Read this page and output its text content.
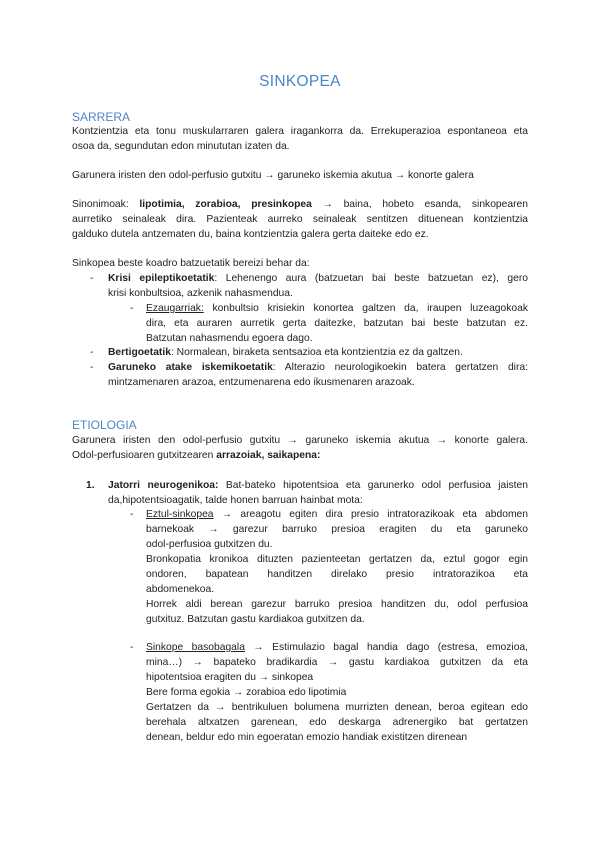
SINKOPEA
SARRERA
Kontzientzia eta tonu muskularraren galera iragankorra da. Errekuperazioa espontaneoa eta
osoa da, segundutan edon minututan izaten da.
Garunera iristen den odol-perfusio gutxitu → garuneko iskemia akutua → konorte galera
Sinonimoak: lipotimia, zorabioa, presinkopea → baina, hobeto esanda, sinkopearen
aurretiko seinaleak dira. Pazienteak aurreko seinaleak sentitzen dituenean kontzientzia
galduko dutela antzematen du, baina kontzientzia galera gerta daiteke edo ez.
Sinkopea beste koadro batzuetatik bereizi behar da:
-	Krisi epileptikoetatik: Lehenengo aura (batzuetan bai beste batzuetan ez), gero
krisi konbultsioa, azkenik nahasmendua.
-	Ezaugarriak: konbultsio krisiekin konortea galtzen da, iraupen luzeagokoak
dira, eta auraren aurretik gerta daitezke, batzutan bai beste batzutan ez.
Batzutan nahasmendu egoera dago.
-	Bertigoetatik: Normalean, biraketa sentsazioa eta kontzientzia ez da galtzen.
-	Garuneko atake iskemikoetatik: Alterazio neurologikoekin batera gertatzen dira:
mintzamenaren arazoa, entzumenarena edo ikusmenaren arazoak.
ETIOLOGIA
Garunera iristen den odol-perfusio gutxitu → garuneko iskemia akutua → konorte galera.
Odol-perfusioaren gutxitzearen arrazoiak, saikapena:
1. Jatorri neurogenikoa: Bat-bateko hipotentsioa eta garunerko odol perfusioa jaisten
da,hipotentsioagatik, talde honen barruan hainbat mota:
-	Eztul-sinkopea → areagotu egiten dira presio intratorazikoak eta abdomen
barnekoak → garezur barruko presioa eragiten du eta garuneko
odol-perfusioa gutxitzen du.
Bronkopatia kronikoa dituzten pazienteetan gertatzen da, eztul gogor egin
ondoren, bapatean handitzen direlako presio intratorazikoa eta
abdomenekoa.
Horrek aldi berean garezur barruko presioa handitzen du, odol perfusioa
gutxituz. Batzutan gastu kardiakoa gutxitzen da.
-	Sinkope basobagala → Estimulazio bagal handia dago (estresa, emozioa,
mina…) → bapateko bradikardia → gastu kardiakoa gutxitzen da eta
hipotentsioa eragiten du → sinkopea
Bere forma egokia → zorabioa edo lipotimia
Gertatzen da → bentrikuluen bolumena murrizten denean, beroa egitean edo
berehala altxatzen garenean, edo deskarga adrenergiko bat gertatzen
denean, beldur edo min egoeratan emozio handiak existitzen direnean
